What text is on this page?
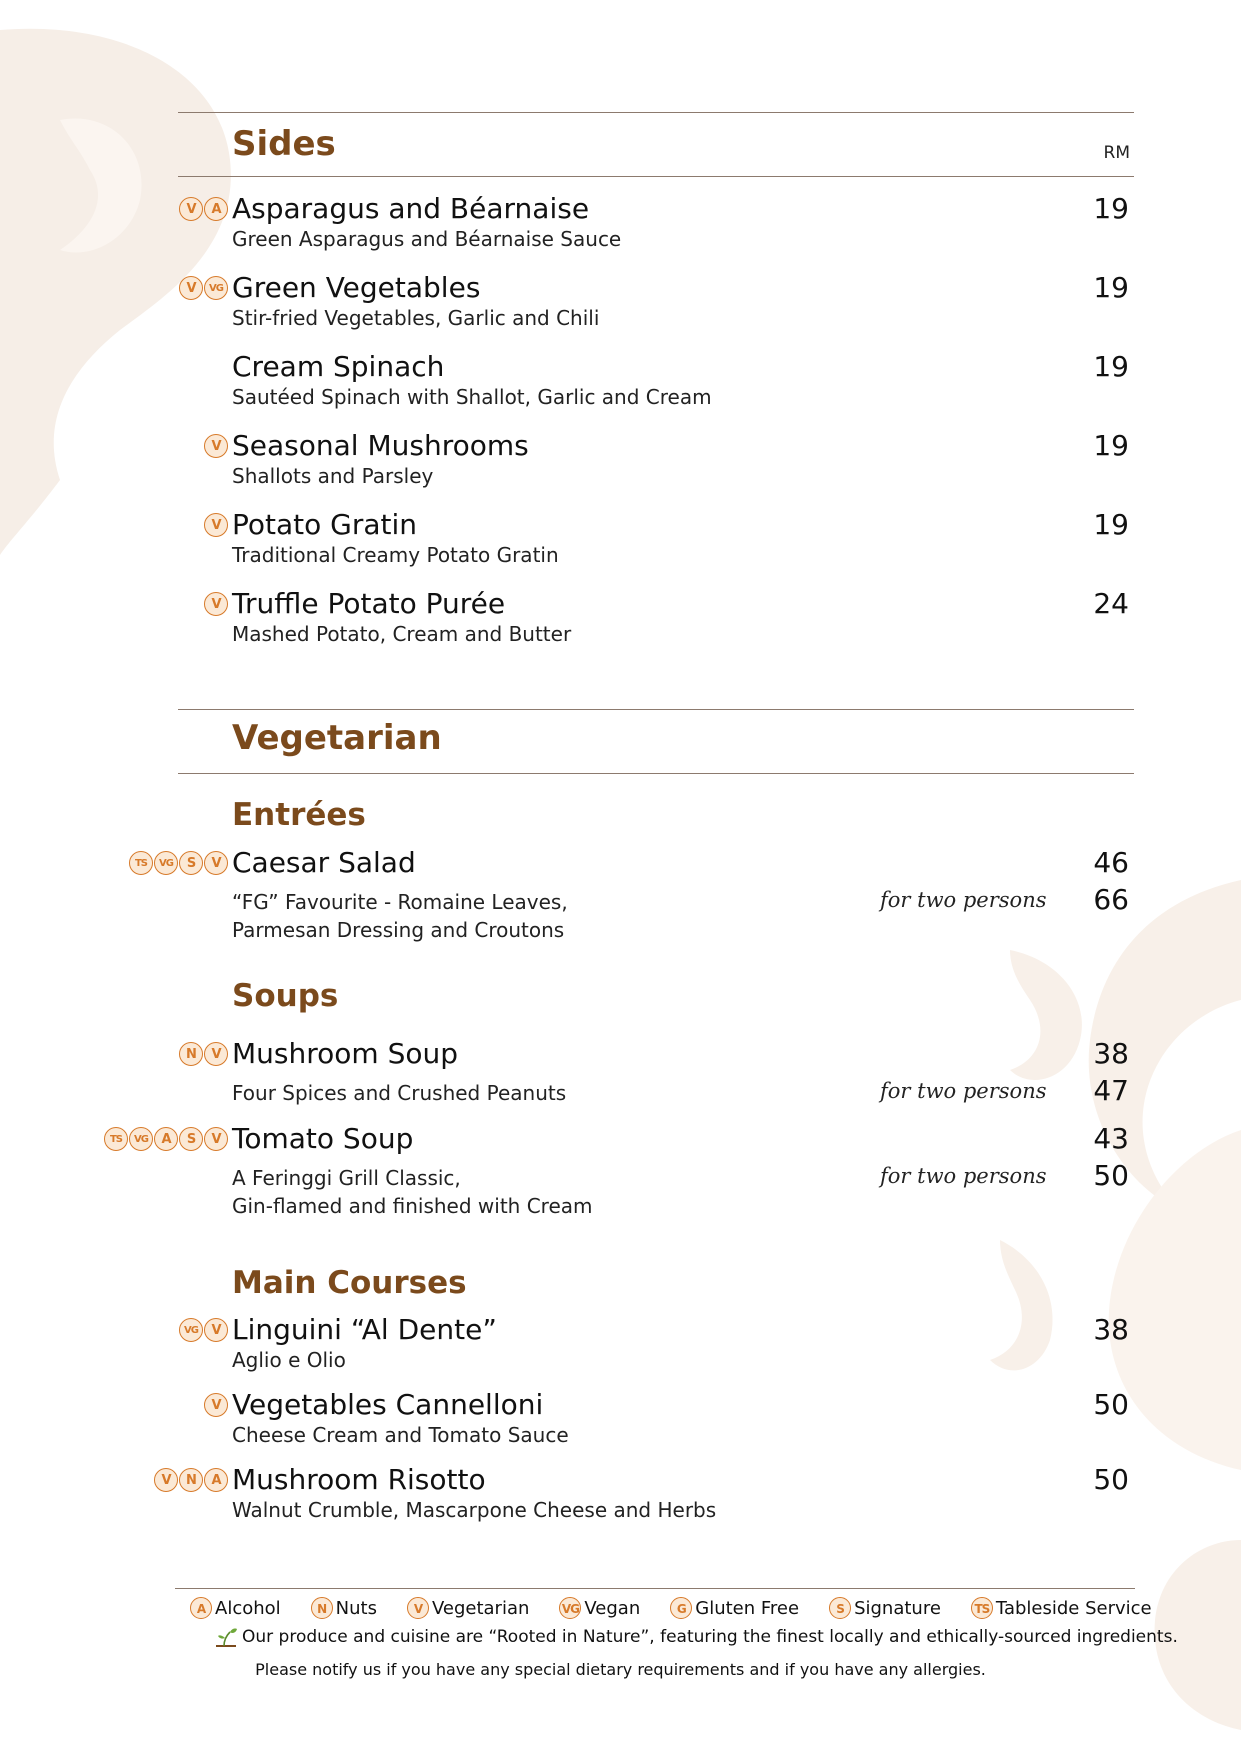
Sides	RM
V	A Asparagus and Béarnaise
Green Asparagus and Béarnaise Sauce
19
V	VG Green Vegetables
Stir-fried Vegetables, Garlic and Chili
19
Cream Spinach
Sautéed Spinach with Shallot, Garlic and Cream
19
V Seasonal Mushrooms
Shallots and Parsley
19
V Potato Gratin
Traditional Creamy Potato Gratin
19
V Truffle Potato Purée
Mashed Potato, Cream and Butter
24
Vegetarian
Entrées
TS	VG	S	V Caesar Salad	46
“FG” Favourite - Romaine Leaves,
Parmesan Dressing and Croutons
for two persons 66
Soups
N	V Mushroom Soup	38
Four Spices and Crushed Peanuts	for two persons 47
TS	VG	A	S	V Tomato Soup	43
A Feringgi Grill Classic,
Gin-flamed and finished with Cream
for two persons 50
Main Courses
VG	V Linguini “Al Dente”
Aglio e Olio
38
V Vegetables Cannelloni
Cheese Cream and Tomato Sauce
50
V	N	A Mushroom Risotto
Walnut Crumble, Mascarpone Cheese and Herbs
50
A Alcohol	N Nuts	V Vegetarian	VG Vegan	G Gluten Free	S Signature	TS Tableside Service
Our produce and cuisine are “Rooted in Nature”, featuring the finest locally and ethically-sourced ingredients.
Please notify us if you have any special dietary requirements and if you have any allergies.
